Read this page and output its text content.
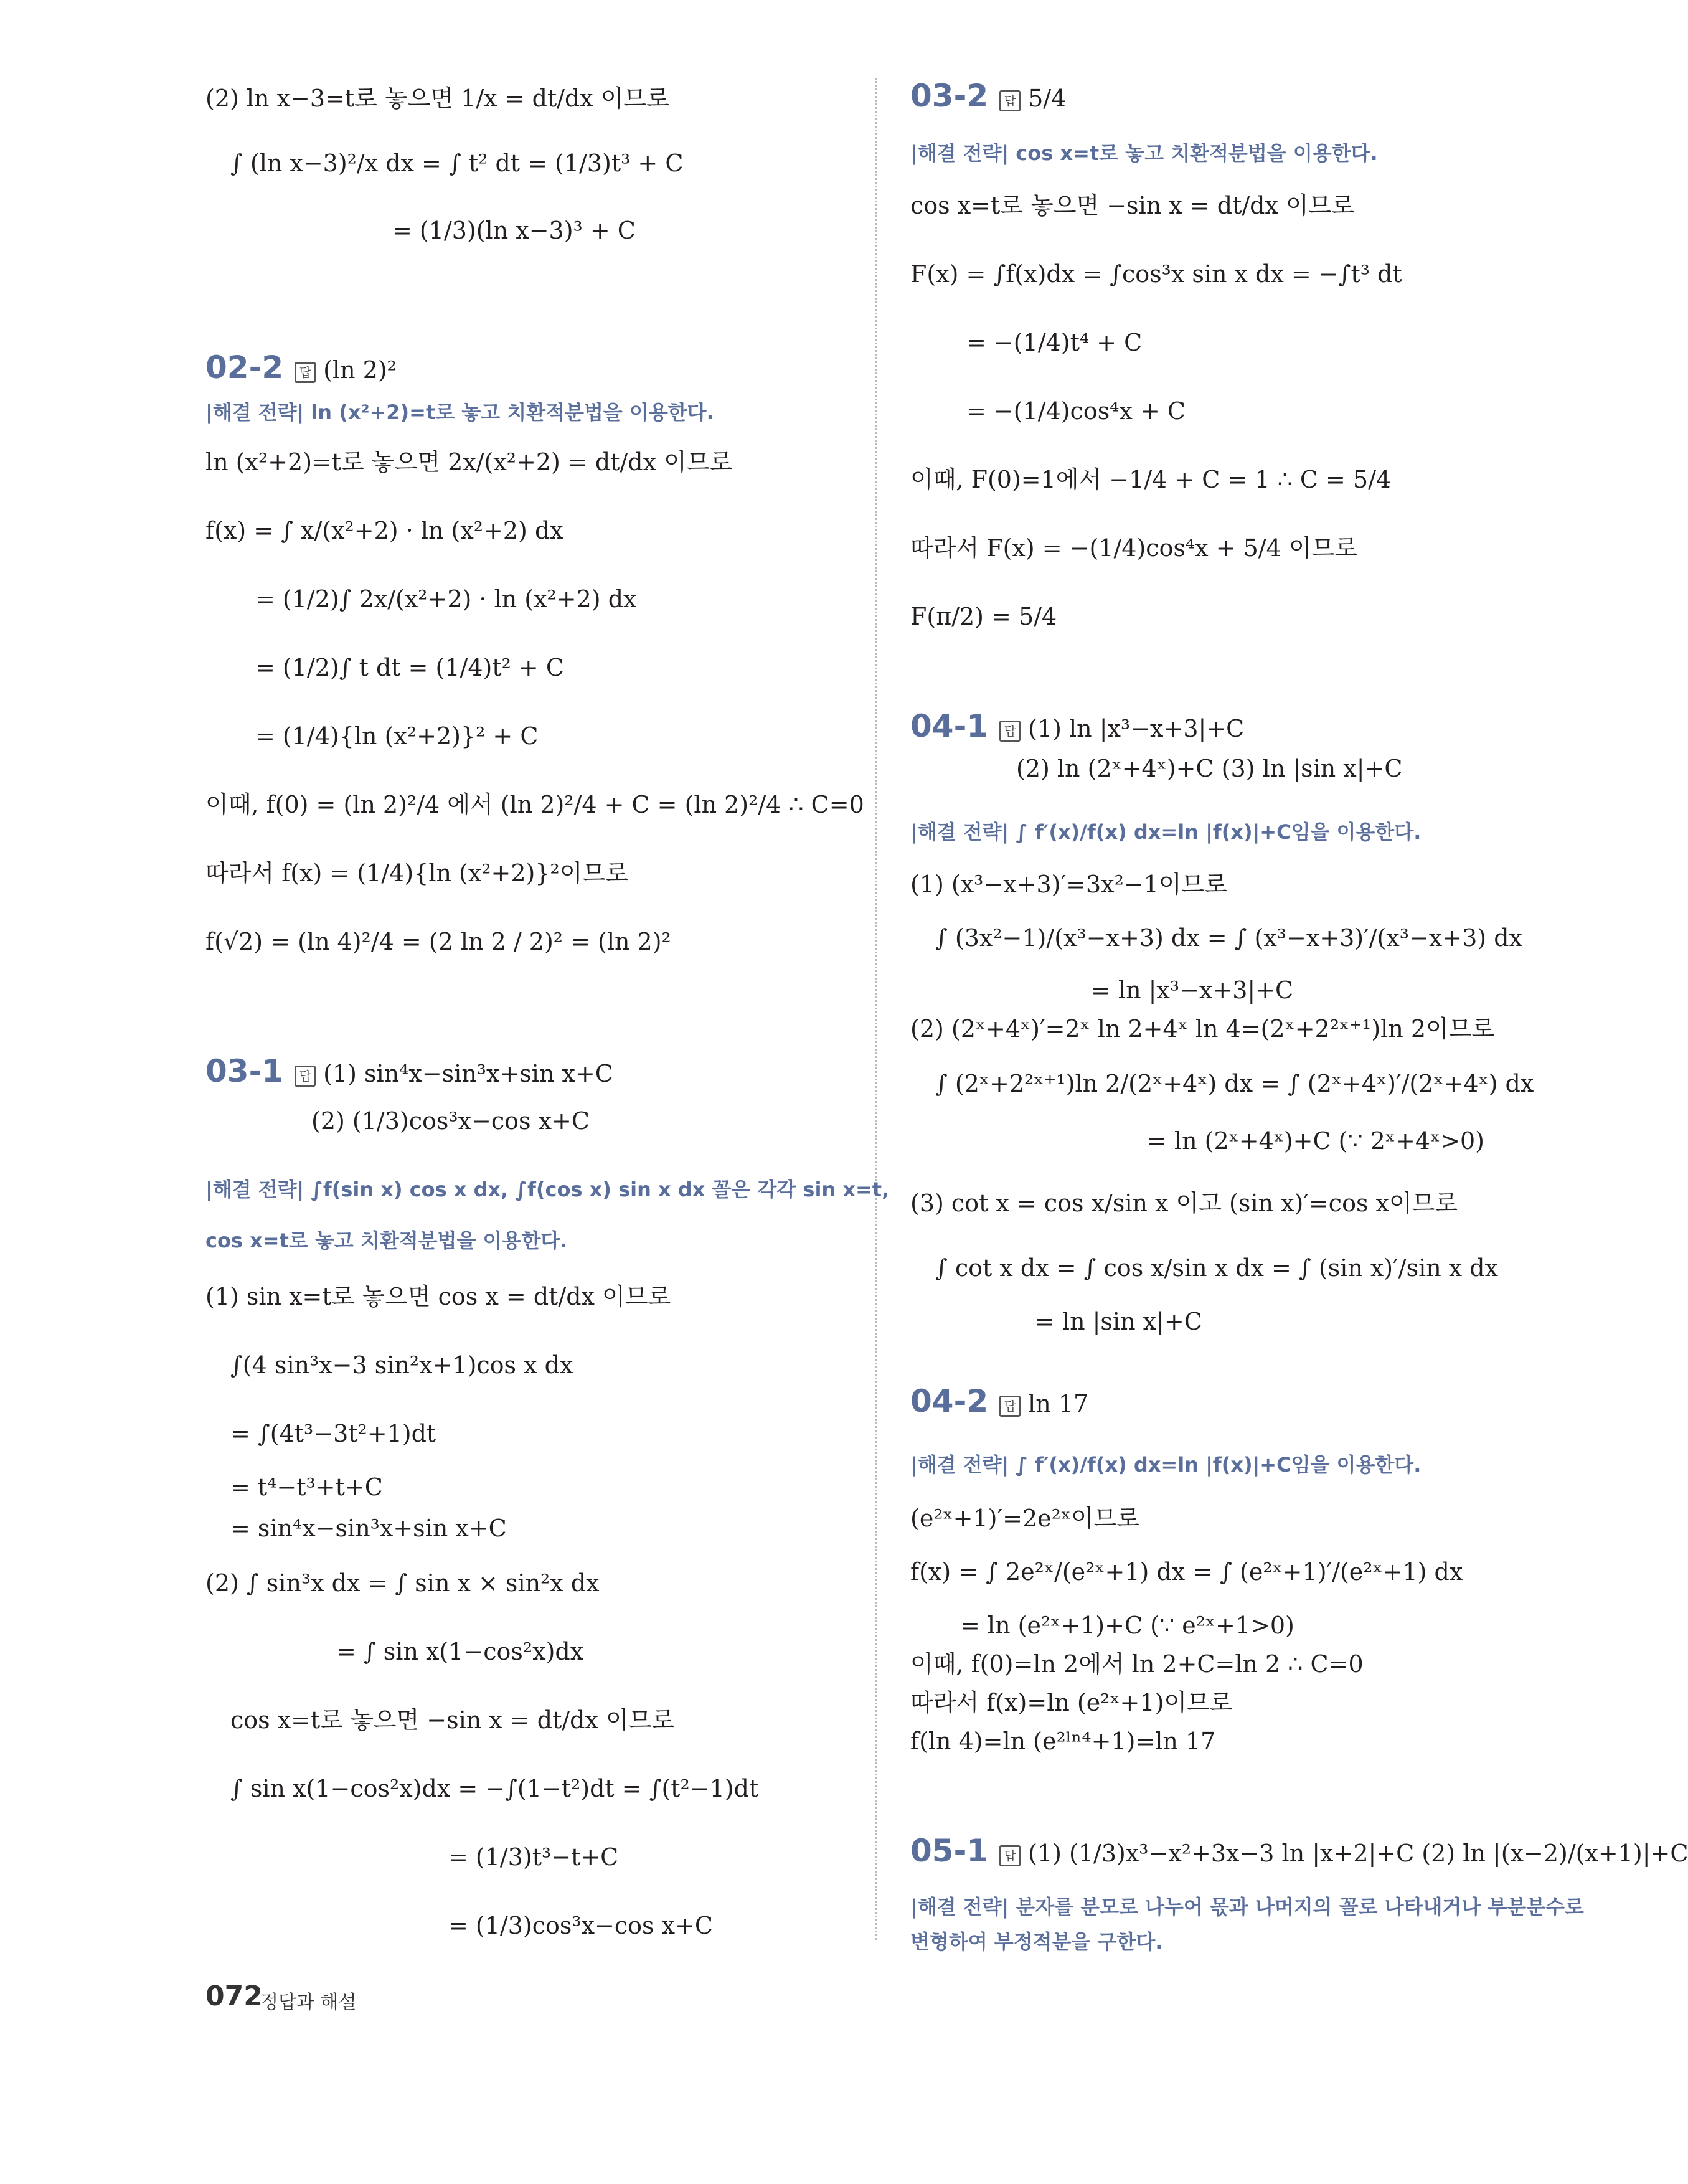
(2) ln x−3=t로 놓으면 1/x = dt/dx 이므로
∫ (ln x−3)²/x dx = ∫ t² dt = (1/3)t³ + C
= (1/3)(ln x−3)³ + C
02-2 답 (ln 2)²
|해결 전략| ln (x²+2)=t로 놓고 치환적분법을 이용한다.
ln (x²+2)=t로 놓으면 2x/(x²+2) = dt/dx 이므로
f(x) = ∫ x/(x²+2) · ln (x²+2) dx
= (1/2)∫ 2x/(x²+2) · ln (x²+2) dx
= (1/2)∫ t dt = (1/4)t² + C
= (1/4){ln (x²+2)}² + C
이때, f(0) = (ln 2)²/4 에서 (ln 2)²/4 + C = (ln 2)²/4 ∴ C=0
따라서 f(x) = (1/4){ln (x²+2)}²이므로
f(√2) = (ln 4)²/4 = (2 ln 2 / 2)² = (ln 2)²
03-1 답 (1) sin⁴x−sin³x+sin x+C
(2) (1/3)cos³x−cos x+C
|해결 전략| ∫f(sin x) cos x dx, ∫f(cos x) sin x dx 꼴은 각각 sin x=t,
cos x=t로 놓고 치환적분법을 이용한다.
(1) sin x=t로 놓으면 cos x = dt/dx 이므로
∫(4 sin³x−3 sin²x+1)cos x dx
= ∫(4t³−3t²+1)dt
= t⁴−t³+t+C
= sin⁴x−sin³x+sin x+C
(2) ∫ sin³x dx = ∫ sin x × sin²x dx
= ∫ sin x(1−cos²x)dx
cos x=t로 놓으면 −sin x = dt/dx 이므로
∫ sin x(1−cos²x)dx = −∫(1−t²)dt = ∫(t²−1)dt
= (1/3)t³−t+C
= (1/3)cos³x−cos x+C
03-2 답 5/4
|해결 전략| cos x=t로 놓고 치환적분법을 이용한다.
cos x=t로 놓으면 −sin x = dt/dx 이므로
F(x) = ∫f(x)dx = ∫cos³x sin x dx = −∫t³ dt
= −(1/4)t⁴ + C
= −(1/4)cos⁴x + C
이때, F(0)=1에서 −1/4 + C = 1 ∴ C = 5/4
따라서 F(x) = −(1/4)cos⁴x + 5/4 이므로
F(π/2) = 5/4
04-1 답 (1) ln |x³−x+3|+C
(2) ln (2ˣ+4ˣ)+C (3) ln |sin x|+C
|해결 전략| ∫ f′(x)/f(x) dx=ln |f(x)|+C임을 이용한다.
(1) (x³−x+3)′=3x²−1이므로
∫ (3x²−1)/(x³−x+3) dx = ∫ (x³−x+3)′/(x³−x+3) dx
= ln |x³−x+3|+C
(2) (2ˣ+4ˣ)′=2ˣ ln 2+4ˣ ln 4=(2ˣ+2²ˣ⁺¹)ln 2이므로
∫ (2ˣ+2²ˣ⁺¹)ln 2/(2ˣ+4ˣ) dx = ∫ (2ˣ+4ˣ)′/(2ˣ+4ˣ) dx
= ln (2ˣ+4ˣ)+C (∵ 2ˣ+4ˣ>0)
(3) cot x = cos x/sin x 이고 (sin x)′=cos x이므로
∫ cot x dx = ∫ cos x/sin x dx = ∫ (sin x)′/sin x dx
= ln |sin x|+C
04-2 답 ln 17
|해결 전략| ∫ f′(x)/f(x) dx=ln |f(x)|+C임을 이용한다.
(e²ˣ+1)′=2e²ˣ이므로
f(x) = ∫ 2e²ˣ/(e²ˣ+1) dx = ∫ (e²ˣ+1)′/(e²ˣ+1) dx
= ln (e²ˣ+1)+C (∵ e²ˣ+1>0)
이때, f(0)=ln 2에서 ln 2+C=ln 2 ∴ C=0
따라서 f(x)=ln (e²ˣ+1)이므로
f(ln 4)=ln (e²ˡⁿ⁴+1)=ln 17
05-1 답 (1) (1/3)x³−x²+3x−3 ln |x+2|+C (2) ln |(x−2)/(x+1)|+C
|해결 전략| 분자를 분모로 나누어 몫과 나머지의 꼴로 나타내거나 부분분수로
변형하여 부정적분을 구한다.
072
정답과 해설
